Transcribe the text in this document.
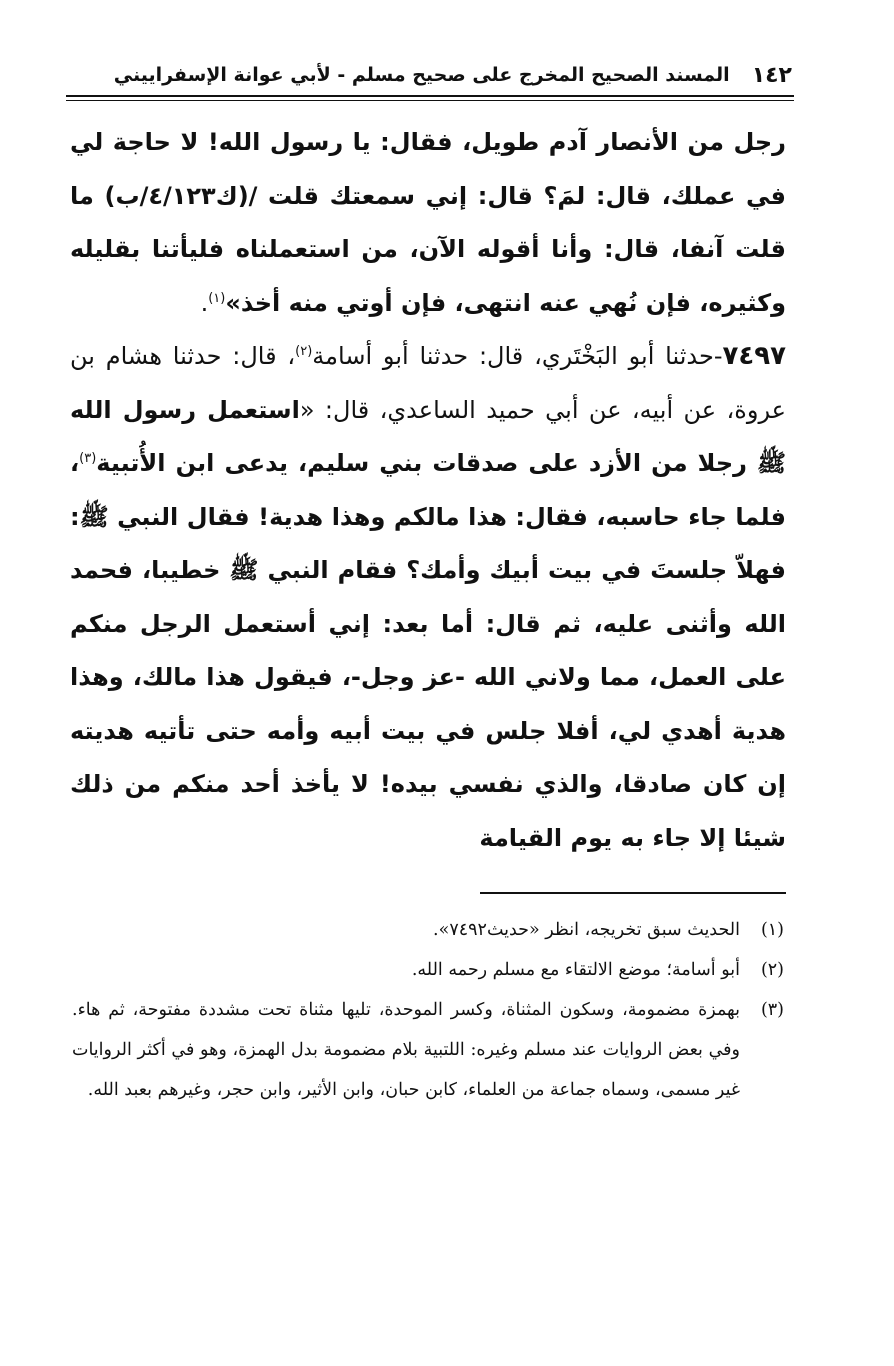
١٤٢
المسند الصحيح المخرج على صحيح مسلم - لأبي عوانة الإسفراييني

رجل من الأنصار آدم طويل، فقال: يا رسول الله! لا حاجة لي في عملك، قال: لمَ؟ قال: إني سمعتك قلت /(ك٤/١٢٣/ب) ما قلت آنفا، قال: وأنا أقوله الآن، من استعملناه فليأتنا بقليله وكثيره، فإن نُهي عنه انتهى، فإن أوتي منه أخذ»$^{(١)}$.

٧٤٩٧-حدثنا أبو البَخْتَري، قال: حدثنا أبو أسامة$^{(٢)}$، قال: حدثنا هشام بن عروة، عن أبيه، عن أبي حميد الساعدي، قال: «استعمل رسول الله ﷺ رجلا من الأزد على صدقات بني سليم، يدعى ابن الأُتبية$^{(٣)}$، فلما جاء حاسبه، فقال: هذا مالكم وهذا هدية! فقال النبي ﷺ: فهلاّ جلستَ في بيت أبيك وأمك؟ فقام النبي ﷺ خطيبا، فحمد الله وأثنى عليه، ثم قال: أما بعد: إني أستعمل الرجل منكم على العمل، مما ولاني الله -عز وجل-، فيقول هذا مالك، وهذا هدية أهدي لي، أفلا جلس في بيت أبيه وأمه حتى تأتيه هديته إن كان صادقا، والذي نفسي بيده! لا يأخذ أحد منكم من ذلك شيئا إلا جاء به يوم القيامة

(١)
الحديث سبق تخريجه، انظر «حديث٧٤٩٢».
(٢)
أبو أسامة؛ موضع الالتقاء مع مسلم رحمه الله.
(٣)
بهمزة مضمومة، وسكون المثناة، وكسر الموحدة، تليها مثناة تحت مشددة مفتوحة، ثم هاء. وفي بعض الروايات عند مسلم وغيره: اللتبية بلام مضمومة بدل الهمزة، وهو في أكثر الروايات غير مسمى، وسماه جماعة من العلماء، كابن حبان، وابن الأثير، وابن حجر، وغيرهم بعبد الله.
